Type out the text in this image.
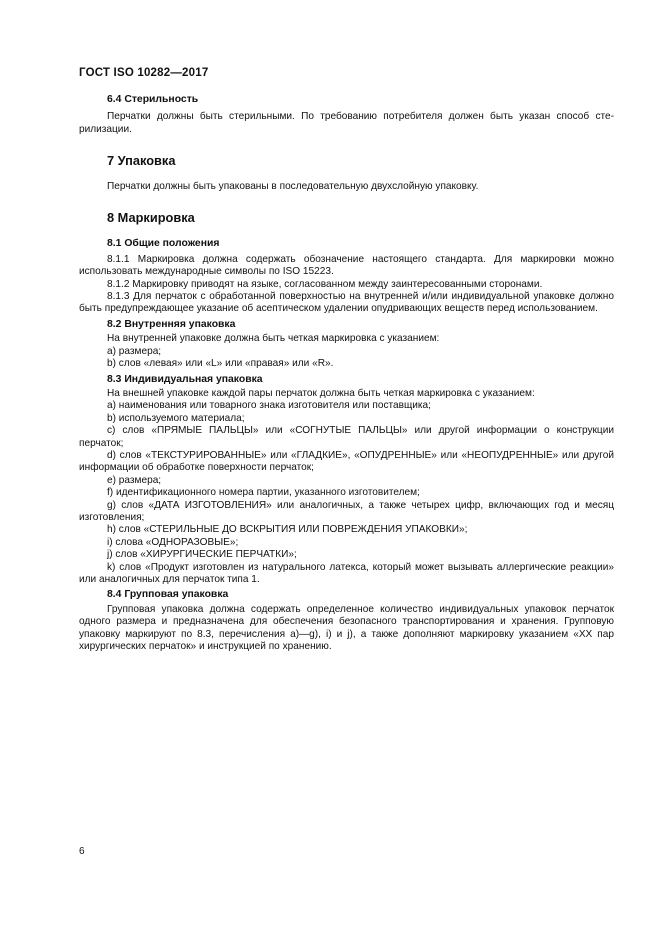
ГОСТ ISO 10282—2017

6.4 Стерильность

Перчатки должны быть стерильными. По требованию потребителя должен быть указан способ стерилизации.

7 Упаковка

Перчатки должны быть упакованы в последовательную двухслойную упаковку.

8 Маркировка

8.1 Общие положения

8.1.1 Маркировка должна содержать обозначение настоящего стандарта. Для маркировки можно использовать международные символы по ISO 15223.

8.1.2 Маркировку приводят на языке, согласованном между заинтересованными сторонами.

8.1.3 Для перчаток с обработанной поверхностью на внутренней и/или индивидуальной упаковке должно быть предупреждающее указание об асептическом удалении опудривающих веществ перед использованием.

8.2 Внутренняя упаковка

На внутренней упаковке должна быть четкая маркировка с указанием:

a) размера;

b) слов «левая» или «L» или «правая» или «R».

8.3 Индивидуальная упаковка

На внешней упаковке каждой пары перчаток должна быть четкая маркировка с указанием:

a) наименования или товарного знака изготовителя или поставщика;

b) используемого материала;

c) слов «ПРЯМЫЕ ПАЛЬЦЫ» или «СОГНУТЫЕ ПАЛЬЦЫ» или другой информации о конструкции перчаток;

d) слов «ТЕКСТУРИРОВАННЫЕ» или «ГЛАДКИЕ», «ОПУДРЕННЫЕ» или «НЕОПУДРЕННЫЕ» или другой информации об обработке поверхности перчаток;

e) размера;

f) идентификационного номера партии, указанного изготовителем;

g) слов «ДАТА ИЗГОТОВЛЕНИЯ» или аналогичных, а также четырех цифр, включающих год и месяц изготовления;

h) слов «СТЕРИЛЬНЫЕ ДО ВСКРЫТИЯ ИЛИ ПОВРЕЖДЕНИЯ УПАКОВКИ»;

i) слова «ОДНОРАЗОВЫЕ»;

j) слов «ХИРУРГИЧЕСКИЕ ПЕРЧАТКИ»;

k) слов «Продукт изготовлен из натурального латекса, который может вызывать аллергические реакции» или аналогичных для перчаток типа 1.

8.4 Групповая упаковка

Групповая упаковка должна содержать определенное количество индивидуальных упаковок перчаток одного размера и предназначена для обеспечения безопасного транспортирования и хранения. Групповую упаковку маркируют по 8.3, перечисления а)—g), i) и j), а также дополняют маркировку указанием «XX пар хирургических перчаток» и инструкцией по хранению.

6
